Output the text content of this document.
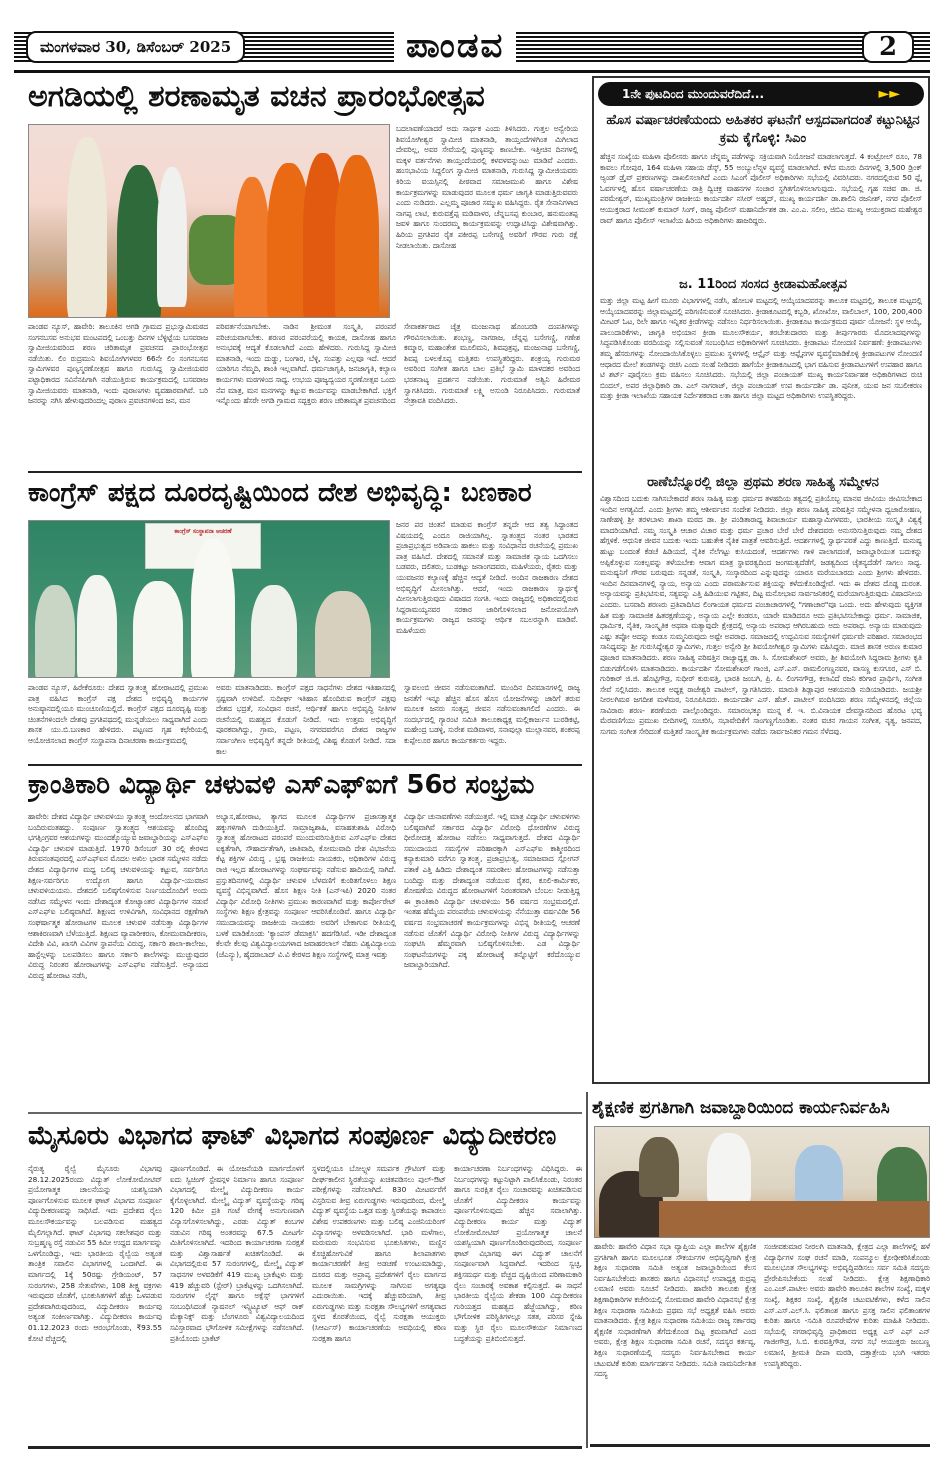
ಮಂಗಳವಾರ 30, ಡಿಸೆಂಬರ್ 2025	ಪಾಂಡವ	2
ಅಗಡಿಯಲ್ಲಿ ಶರಣಾಮೃತ ವಚನ ಪ್ರಾರಂಭೋತ್ಸವ
ಬದಲಾವಣೆಯಾದರೆ ಅದು ಸಾರ್ಥಕ ಎಂದು ತಿಳಿಸಿದರು. ಗುತ್ತಲ ಅನ್ವೇರಿಯ ಶಿವಯೋಗೀಶ್ವರ ಸ್ವಾಮೀಜಿ ಮಾತನಾಡಿ, ತಾಯ್ತಂದೆಗಳಿಗಿಂತ ಮಿಗಿಲಾದ ದೇವರಿಲ್ಲ, ಅವರ ಸೇವೆಯಲ್ಲಿ ಪುಣ್ಯವನ್ನು ಕಾಣಬೇಕು. ಇತ್ತೀಚಿನ ದಿನಗಳಲ್ಲಿ ಮಕ್ಕಳ ವರ್ತನೆಗಳು ತಾಯ್ತಂದೆಯರಲ್ಲಿ ಕಳವಳವನ್ನುಂಟು ಮಾಡಿವೆ ಎಂದರು. ಹಂಸಭಾವಿಯ ಸಿದ್ದಲಿಂಗ ಸ್ವಾಮೀಜಿ ಮಾತನಾಡಿ, ಗುರುಸಿದ್ದ ಸ್ವಾಮೀಜಿಯವರು ಕಿರಿಯ ವಯಸ್ಸಿನಲ್ಲಿ ಪೀಠವಾದ ಸಮಾಜಮುಖಿ ಹಾಗೂ ವಿಶೇಷ ಕಾರ್ಯಕ್ರಮಗಳನ್ನು ಮಾಡುವುದರ ಮೂಲಕ ಧರ್ಮ ಜಾಗೃತಿ ಮಾಡುತ್ತಿರುವವರು ಎಂದು ನುಡಿದರು. ಎಲ್ಲಮ್ಮ ಪೂಜಾರ ಸಮ್ಮುಖ ವಹಿಸಿದ್ದರು. ರೈತ ಸೇನಾನಿಗಳಾದ ನಾಗಪ್ಪ ಲಾಟಿ, ಕುರುವತ್ತೆಪ್ಪ ಮಡಿವಾಳರ, ಚೆನ್ನಬಸಪ್ಪ ಕುಂಬಾರ, ಹನುಮಂತಪ್ಪ ಜವಳಿ ಹಾಗೂ ಸುಂದರಮ್ಮ ಕಾರ್ಯಕ್ರಮವನ್ನು ಉದ್ಘಾಟಿಸಿದ್ದು ವಿಶೇಷವಾಗಿತ್ತು. ಹಿರಿಯ ಪ್ರಗತಿಪರ ರೈತ ಪಕೀರಪ್ಪ ಬಸೇಗಣ್ಣಿ ಅವರಿಗೆ ಗೌರವ ಗುರು ರಕ್ಷೆ ನೀಡಲಾಯಿತು. ದಾಸೋಹ
ಪಾಂಡವ ನ್ಯೂಸ್, ಹಾವೇರಿ: ತಾಲೂಕಿನ ಅಗಡಿ ಗ್ರಾಮದ ಪ್ರಭುಸ್ವಾಮಿಮಠದ ಸಂಗನಬಸವ ಅನುಭವ ಮಂಟಪದಲ್ಲಿ ಒಂಬತ್ತು ದಿನಗಳ ಬೆಳ್ಳಿಟ್ಟೆಯ ಬಸವರಾಜ ಸ್ವಾಮೀಜಿಯವರಿಂದ ಶರಣ ಚರಿತಾಮೃತ ಪ್ರವಚನದ ಪ್ರಾರಂಭೋತ್ಸವ ನಡೆಯಿತು. ಲಿಂ ರುದ್ರಮುನಿ ಶಿವಯೋಗಿಗಳವರ 66ನೇ ಲಿಂ ಸಂಗನಬಸವ ಸ್ವಾಮಿಗಳವರ ಪುಣ್ಯಸ್ಮರಣೋತ್ಸವ ಹಾಗೂ ಗುರುಸಿದ್ದ ಸ್ವಾಮೀಜಿಯವರ ಪಟ್ಟಾಧಿಕಾರದ ಸವಿನೆನಪಿಗಾಗಿ ನಡೆಯುತ್ತಿರುವ ಕಾರ್ಯಕ್ರಮದಲ್ಲಿ ಬಸವರಾಜ ಸ್ವಾಮೀಜಿಯವರು ಮಾತನಾಡಿ, ಇಂದು ಪುರಾಣಗಳು ವ್ಯವಹಾರವಾಗಿವೆ. ಬರಿ ಜನರನ್ನು ನಗಿಸಿ ಹೇಳುವುದರಿಂದಲ್ಲ ಪುರಾಣ ಪ್ರವಚನಗಳಿಂದ ಜನ, ಮನ
ಪರಿವರ್ತನೆಯಾಗಬೇಕು. ನಾಡಿನ ಶ್ರೀಮಂತ ಸಂಸ್ಕೃತಿ, ಪರಂಪರೆ ಪರಿಚಯವಾಗಬೇಕು. ಶರಣರ ಪರಂಪರೆಯಲ್ಲಿ ಕಾಯಕ, ದಾಸೋಹ ಹಾಗೂ ಅನುಭವಕ್ಕೆ ಆದ್ಯತೆ ಕೊಡಲಾಗಿದೆ ಎಂದು ಹೇಳಿದರು. ಗುರುಸಿದ್ದ ಸ್ವಾಮೀಜಿ ಮಾತನಾಡಿ, ಇಂದು ದುಡ್ಡು, ಬಂಗಾರ, ಬೆಳ್ಳಿ, ಸಂಪತ್ತು ಎಲ್ಲವೂ ಇದೆ. ಆದರೆ ಯಾರಿಗೂ ನೆಮ್ಮದಿ, ಶಾಂತಿ ಇಲ್ಲವಾಗಿದೆ. ಧರ್ಮಜಾಗೃತಿ, ಜನಜಾಗೃತಿ, ಕಲ್ಯಾಣ ಕಾರ್ಯಗಳು ಮಠಗಳಿಂದ ಸಾಧ್ಯ. ಉಭಯ ಪೂಜ್ಯದ್ವಯರ ಸ್ಮರಣೋತ್ಸವ ಒಂದು ನೆಪ ಮಾತ್ರ, ಮನ ಮನಗಳನ್ನು ಕಟ್ಟುವ ಕಾರ್ಯವನ್ನು ಮಾಡಬೇಕಾಗಿದೆ. ಭಕ್ತಿಗೆ ಇನ್ನೊಂದು ಹೆಸರೇ ಅಗಡಿ ಗ್ರಾಮದ ಸದ್ಭಕ್ತರು ಶರಣ ಚರಿತಾಮೃತ ಪ್ರವಚನದಿಂದ
ಸೇವಾಕರ್ತರಾದ ಚೈತ್ರ ಮಂಜುನಾಥ ಹೊಂಬರಡಿ ದಂಪತಿಗಳನ್ನು ಗೌರವಿಸಲಾಯಿತು. ಶಂಭಣ್ಣ, ನಾಗರಾಜ, ಚೆನ್ನಪ್ಪ ಬಸೇಗಣ್ಣಿ, ಗಣೇಶ ಕಮ್ಮಾರ, ಮಹಾಂತೇಶ ಮೂಲಿಮನಿ, ಶಿವಪುತ್ರಪ್ಪ, ಮಂಜುನಾಥ ಬಸೇಗಣ್ಣಿ, ಶಿವಪ್ಪ ಬಳಲಕೊಪ್ಪ ಮತ್ತಿತರು ಉಪಸ್ಥಿತರಿದ್ದರು. ಶಂಕ್ರಯ್ಯ ಗುರುಮಠ ಅವರಿಂದ ಸಂಗೀತ ಹಾಗೂ ಬಾಲ ಪ್ರತಿಭೆ ಸ್ವಾಮಿ ಮಾಳದಕರ ಅವರಿಂದ ಭರತನಾಟ್ಯ ಪ್ರದರ್ಶನ ನಡೆಯಿತು. ಗುರುಮಾತೆ ಅಶ್ವಿನಿ ಹಿರೇಮಠ ಸ್ವಾಗತಿಸಿದರು. ಗುರುಮಾತೆ ಲಕ್ಷ್ಮಿ ಅಸುಂಡಿ ನಿರೂಪಿಸಿದರು. ಗುರುಮಾತೆ ನೇತ್ರಾವತಿ ವಂದಿಸಿದರು.
ಕಾಂಗ್ರೆಸ್ ಪಕ್ಷದ ದೂರದೃಷ್ಟಿಯಿಂದ ದೇಶ ಅಭಿವೃದ್ಧಿ: ಬಣಕಾರ
ಕಾಂಗ್ರೆಸ್ ಸಂಸ್ಥಾಪನಾ ಆಚರಣೆ
ಜನರ ಪರ ಚಿಂತನೆ ಮಾಡುವ ಕಾಂಗ್ರೆಸ್ ತನ್ನದೇ ಆದ ತತ್ವ ಸಿದ್ಧಾಂತದ ವಿಷಯದಲ್ಲಿ ಎಂದೂ ರಾಜಿಯಾಗಿಲ್ಲ. ಸ್ವಾತಂತ್ರ್ಯದ ನಂತರ ಭಾರತದ ಪ್ರಜಾಪ್ರಭುತ್ವದ ಅಡಿಪಾಯ ಹಾಕಲು ಮತ್ತು ಸಂವಿಧಾನದ ರಚನೆಯಲ್ಲಿ ಪ್ರಮುಖ ಪಾತ್ರ ವಹಿಸಿದೆ. ದೇಶದಲ್ಲಿ ಸಮಾನತೆ ಮತ್ತು ಸಾಮಾಜಿಕ ನ್ಯಾಯ ಒದಗಿಸಲು ಬಡವರು, ದಲಿತರು, ಬುಡಕಟ್ಟು ಜನಾಂಗದವರು, ಮಹಿಳೆಯರು, ರೈತರು ಮತ್ತು ಯುವಜನರ ಕಲ್ಯಾಣಕ್ಕೆ ಹೆಚ್ಚಿನ ಆದ್ಯತೆ ನೀಡಿದೆ. ಅಂದಿನ ರಾಜಕಾರಣ ದೇಶದ ಅಭಿವೃದ್ಧಿಗೆ ಮೀಸಲಾಗಿತ್ತು. ಆದರೆ, ಇಂದು ರಾಜಕಾರಣ ಸ್ವಾರ್ಥಕ್ಕೆ ಮೀಸಲಾಗುತ್ತಿರುವುದು ವಿಷಾದದ ಸಂಗತಿ. ಇಂದು ರಾಜ್ಯದಲ್ಲಿ ಅಧಿಕಾರದಲ್ಲಿರುವ ಸಿದ್ದರಾಮಯ್ಯನವರ ಸರಕಾರ ಜಾರಿಗೊಳಿಸಲಾದ ಜನೋಪಯೋಗಿ ಕಾರ್ಯಕ್ರಮಗಳು ರಾಜ್ಯದ ಜನರನ್ನು ಆರ್ಥಿಕ ಸಬಲರನ್ನಾಗಿ ಮಾಡಿವೆ. ಮಹಿಳೆಯರು
ಪಾಂಡವ ನ್ಯೂಸ್, ಹಿರೇಕೆರೂರು: ದೇಶದ ಸ್ವಾತಂತ್ರ್ಯ ಹೋರಾಟದಲ್ಲಿ ಪ್ರಮುಖ ಪಾತ್ರ ವಹಿಸಿದ ಕಾಂಗ್ರೆಸ್ ಪಕ್ಷ ದೇಶದ ಅಭಿವೃದ್ಧಿ ಕಾರ್ಯಗಳ ಅನುಷ್ಠಾನದಲ್ಲಿಯೂ ಮುಂಚೂಣಿಯಲ್ಲಿದೆ. ಕಾಂಗ್ರೆಸ್ ಪಕ್ಷದ ದೂರದೃಷ್ಟಿ ಮತ್ತು ಚಿಂತನೆಗಳಿಂದಲೇ ದೇಶವು ಪ್ರಗತಿಪಥದಲ್ಲಿ ಮುನ್ನಡೆಯಲು ಸಾಧ್ಯವಾಗಿದೆ ಎಂದು ಶಾಸಕ ಯು.ಬಿ.ಬಣಕಾರ ಹೇಳಿದರು. ಪಟ್ಟಣದ ಗೃಹ ಕಛೇರಿಯಲ್ಲಿ ಆಯೋಜಿಸಲಾದ ಕಾಂಗ್ರೆಸ್ ಸಂಸ್ಥಾಪನಾ ದಿನಾಚರಣಾ ಕಾರ್ಯಕ್ರಮದಲ್ಲಿ
ಅವರು ಮಾತನಾಡಿದರು. ಕಾಂಗ್ರೆಸ್ ಪಕ್ಷದ ಸಾಧನೆಗಳು ದೇಶದ ಇತಿಹಾಸದಲ್ಲಿ ಸ್ಪಷ್ಟವಾಗಿ ಉಳಿದಿವೆ. ಸುದೀರ್ಘ ಇತಿಹಾಸ ಹೊಂದಿರುವ ಕಾಂಗ್ರೆಸ್ ಪಕ್ಷವು ದೇಶದ ಭದ್ರತೆ, ಸಂವಿಧಾನ ರಚನೆ, ಆರ್ಥಿಕತೆ ಹಾಗೂ ಅಭಿವೃದ್ಧಿ ನೀತಿಗಳ ರಚನೆಯಲ್ಲಿ ಮಹತ್ವದ ಕೊಡುಗೆ ನೀಡಿದೆ. ಇದು ಉತ್ತಮ ಅಭಿವೃದ್ಧಿಗೆ ಪೂರಕವಾಗಿದ್ದು, ಗ್ರಾಮ, ಪಟ್ಟಣ, ನಗರದವರೆಗೂ ದೇಶದ ರಾಜ್ಯಗಳ ಸರ್ವಾಂಗೀಣ ಅಭಿವೃದ್ಧಿಗೆ ತನ್ನದೇ ರೀತಿಯಲ್ಲಿ ವಿಶಿಷ್ಟ ಕೊಡುಗೆ ನೀಡಿದೆ. ಸದಾ ಕಾಲ
ಸ್ವಾವಲಂಬಿ ಜೀವನ ನಡೆಸುವಂತಾಗಿದೆ. ಮುಂದಿನ ದಿನಮಾನಗಳಲ್ಲಿ ರಾಜ್ಯ ಜನತೆಗೆ ಇನ್ನೂ ಹೆಚ್ಚಿನ ಹೊಸ ಹೊಸ ಯೋಜನೆಗಳನ್ನು ಜಾರಿಗೆ ತರುವ ಮೂಲಕ ಜನರು ಸಂತೃಪ್ತ ಜೀವನ ನಡೆಸುವಂತಾಗಲಿದೆ ಎಂದರು. ಈ ಸಂದರ್ಭದಲ್ಲಿ ಗ್ಯಾರಂಟಿ ಸಮಿತಿ ತಾಲೂಕಾಧ್ಯಕ್ಷ ಮಲ್ಲಿಕಾರ್ಜುನ ಬುರಡಿಕಟ್ಟಿ, ಮಹೇಂದ್ರ ಬಡಳ್ಳಿ, ಸುರೇಶ ಮಡಿವಾಳರ, ಸನಾವುಲ್ಲಾ ಮುಲ್ಲಾನವರ, ಶಂಕರಪ್ಪ ಕುಪ್ಪೇಲೂರ ಹಾಗೂ ಕಾರ್ಯಕರ್ತರು ಇದ್ದರು.
ಕ್ರಾಂತಿಕಾರಿ ವಿದ್ಯಾರ್ಥಿ ಚಳುವಳಿ ಎಸ್ಎಫ್ಐಗೆ 56ರ ಸಂಭ್ರಮ
ಹಾವೇರಿ: ದೇಶದ ವಿದ್ಯಾರ್ಥಿ ಚಳುವಳಿಯು ಸ್ವಾತಂತ್ರ್ಯ ಆಂದೋಲನದ ಭಾಗವಾಗಿ ಬಂದಿರುವಂತಹದ್ದು. ಸಂಪೂರ್ಣ ಸ್ವಾತಂತ್ರ್ಯದ ಆಶಯವನ್ನು ಹೊಂದಿದ್ದ ಭಗತ್ಸಿಂಗ್ರವರ ಆಶಯಗಳನ್ನು ಮುಂದಕ್ಕೊಯ್ಯುವ ಜವಾಬ್ದಾರಿಯನ್ನು ಎಸ್ಎಫ್ಐ ವಿದ್ಯಾರ್ಥಿ ಚಳುವಳಿ ಮಾಡುತ್ತಿದೆ. 1970 ಡಿಸೆಂಬರ್ 30 ರಲ್ಲಿ ಕೇರಳದ ತಿರುವನಂತಪುರದಲ್ಲಿ ಎಸ್ಎಫ್ಐನ ಮೊದಲ ಅಖಿಲ ಭಾರತ ಸಮ್ಮೇಳನ ನಡೆದು ದೇಶದ ವಿದ್ಯಾರ್ಥಿಗಳ ಮಧ್ಯ ಬಲಿಷ್ಠ ಚಳುವಳಿಯನ್ನು ಕಟ್ಟುವ, ಸರ್ವರಿಗೂ ಶಿಕ್ಷಣ-ಸರ್ವರಿಗೂ ಉದ್ಯೋಗ ಹಾಗೂ ವಿದ್ಯಾರ್ಥಿ-ಯುವಜನ ಚಳುವಳಿಯಯನು. ದೇಶದಲಿ ಬಲಿಷ್ಠಗೊಳಿಸುವ ನಿರ್ಣಯದೊಂದಿಗೆ ಅಂದು ನಡೆಸಿದ ಸಮ್ಮೇಳನ ಇಂದು ದೇಶಾದ್ಯಂತ ಕೋಟ್ಯಾಂತರ ವಿದ್ಯಾರ್ಥಿಗಳ ನಡುವೆ ಎಸ್ಎಫ್ಐ ಬಲಿಷ್ಠವಾಗಿದೆ. ಶಿಕ್ಷಣದ ಉಳಿವಿಗಾಗಿ, ಸಂವಿಧಾನದ ರಕ್ಷಣೆಗಾಗಿ ಸಂಘರ್ಷಾತ್ಮಕ ಹೋರಾಟಗಳ ಮೂಲಕ ಚಳುವಳಿ ನಡೆಸುತ್ತಾ ವಿದ್ಯಾರ್ಥಿಗಳ ಆಶಾಕಿರಣವಾಗಿ ಬೆಳೆಯುತ್ತಿದೆ. ಶಿಕ್ಷಣದ ವ್ಯಾಪಾರೀಕರಣ, ಕೋಮುವಾದೀಕರಣ, ವಿದೇಶಿ ವಿವಿ, ಖಾಸಗಿ ವಿವಿಗಳ ಸ್ಥಾಪನೆಯ ವಿರುದ್ಧ, ಸರ್ಕಾರಿ ಶಾಲಾ-ಕಾಲೇಜು, ಹಾಸ್ಟೆಲ್ಗಳನ್ನು ಬಲಪಡಿಸಲು ಹಾಗೂ ಸರ್ಕಾರಿ ಶಾಲೆಗಳನ್ನು ಮುಚ್ಚುವುದರ ವಿರುದ್ಧ ನಿರಂತರ ಹೋರಾಟಗಳನ್ನು ಎಸ್ಎಫ್ಐ ನಡೆಸುತ್ತಿದೆ. ಅನ್ಯಾಯದ ವಿರುದ್ಧ ಹೋರಾಟ ನಡೆಸಿ,
ಅಭ್ಯಾಸ,ಹೋರಾಟ, ತ್ಯಾಗದ ಮೂಲಕ ವಿದ್ಯಾರ್ಥಿಗಳ ಪ್ರಜಾಸತ್ತಾತ್ಮಕ ಹಕ್ಕುಗಳಿಗಾಗಿ ದುಡಿಯುತ್ತಿದೆ. ಸಾಮ್ರಾಜ್ಯಶಾಹಿ, ವಸಾಹತುಶಾಹಿ ವಿರೋಧಿ ಸ್ವಾತಂತ್ರ್ಯ ಹೋರಾಟದ ಪರಂಪರೆ ಮುಂದುವರಿಸುತ್ತಿರುವ ಎಸ್ಎಫ್ಐ ದೇಶದ ಐಕ್ಯತೆಗಾಗಿ, ಸೌಹಾರ್ದತೆಗಾಗಿ, ಜಾತಿವಾದಿ, ಕೋಮುವಾದಿ ದೇಶ ವಿಭಜನೆಯ ಕೆಟ್ಟ ಶಕ್ತಿಗಳ ವಿರುದ್ಧ , ಭ್ರಷ್ಟ ರಾಜಕೀಯ ನಾಯಕರು, ಅಧಿಕಾರಿಗಳ ವಿರುದ್ಧ ರಾಜಿ ಇಲ್ಲದ ಹೋರಾಟಗಳನ್ನು ಸಂಘರ್ಷವನ್ನು ನಡೆಸುವ ಹಾದಿಯಲ್ಲಿ ಸಾಗಿದೆ. ಪ್ರಸ್ತುತದಿನಗಳಲ್ಲಿ ವಿದ್ಯಾರ್ಥಿ ಚಳುವಳಿ ಬೆಳವಣಿಗೆ ಕುಂಠಿತಗೊಳಲು ಶಿಕ್ಷಣ ವ್ಯವಸ್ಥೆ ವಿಭಿನ್ನವಾಗಿದೆ. ಹೊಸ ಶಿಕ್ಷಣ ನೀತಿ (ಎನ್ಇಪಿ) 2020 ನಂತರ ವಿದ್ಯಾರ್ಥಿ ವಿರೋಧಿ ನೀತಿಗಳು ಪ್ರಮುಖ ಕಾರಣವಾಗಿವೆ ಮತ್ತು ಕಾರ್ಪೋರೇಟ್ ಸಂಸ್ಥೆಗಳು ಶಿಕ್ಷಣ ಕ್ಷೇತ್ರವನ್ನು ಸಂಪೂರ್ಣ ಆವರಿಸಿಕೊಂಡಿವೆ. ಹಾಗೂ ವಿದ್ಯಾರ್ಥಿ ಸಮುದಾಯವನ್ನು ರಾಜಕೀಯ ನಾಯಕರು ಅವರಿಗೆ ಬೇಕಾಗುವ ರೀತಿಯಲ್ಲಿ ಬಳಕೆ ಮಾಡಿಕೊಂಡು 'ಕ್ಯಾಂಪಸ್ ಡೆಮಾಕ್ರಸಿ' ಹದಗೆಡಿಸಿವೆ. ಇಡೀ ದೇಶಾದ್ಯಂತ ಕೆಲವೇ ಕೆಲವು ವಿಶ್ವವಿದ್ಯಾಲಯಗಳಾದ ಜವಾಹರಲಾಲ್ ನೆಹರು ವಿಶ್ವವಿದ್ಯಾಲಯ (ಜೆಎನ್ಯು), ಹೈದರಾಬಾದ್ ವಿ.ವಿ ಕೇರಳದ ಶಿಕ್ಷಣ ಸಂಸ್ಥೆಗಳಲ್ಲಿ ಮಾತ್ರ ಇವತ್ತು
ವಿದ್ಯಾರ್ಥಿ ಚುನಾವಣೆಗಳು ನಡೆಯುತ್ತವೆ. ಇಲ್ಲಿ ಮಾತ್ರ ವಿದ್ಯಾರ್ಥಿ ಚಳುವಳಿಗಳು ಬಲಿಷ್ಠವಾಗಿವೆ ಸರ್ಕಾರದ ವಿದ್ಯಾರ್ಥಿ ವಿರೋಧಿ ಧೋರಣೆಗಳ ವಿರುದ್ಧ ಧೀರೋದತ್ತ ಹೋರಾಟ ನಡೆಸಲು ಸಾಧ್ಯವಾಗುತ್ತದೆ. ದೇಶದ ವಿದ್ಯಾರ್ಥಿ ಸಮುದಾಯದ ಸಮಸ್ಯೆಗಳ ಪರಿಹಾರಕ್ಕಾಗಿ ಎಸ್ಎಫ್ಐ ಕಾಶ್ಮೀರದಿಂದ ಕನ್ಯಾಕುಮಾರಿ ವರೆಗೂ ಸ್ವಾತಂತ್ರ್ಯ, ಪ್ರಜಾಪ್ರಭುತ್ವ, ಸಮಾಜವಾದ ಸ್ಲೋಗನ್ ಪತಾಕೆ ಎತ್ತಿ ಹಿಡಿದು ದೇಶಾದ್ಯಂತ ಸಮರಶೀಲ ಹೋರಾಟಗಳನ್ನು ನಡೆಸುತ್ತಾ ಬಂದಿದ್ದು ಮತ್ತು ದೇಶಾದ್ಯಂತ ನಡೆಯುವ ರೈತರ, ಕೂಲಿ-ಕಾರ್ಮಿಕರ, ಶೋಷಣೆಯ ವಿರುದ್ಧದ ಹೋರಾಟಗಳಿಗೆ ನಿರಂತರವಾಗಿ ಬೆಂಬಲ ನೀಡುತ್ತಿದ್ದ ಈ ಕ್ರಾಂತಿಕಾರಿ ವಿದ್ಯಾರ್ಥಿ ಚಳುವಳಿಯು 56 ವರ್ಷದ ಸಂಭ್ರಮದಲ್ಲಿದೆ. ಇಂತಹ ಹೆಮ್ಮೆಯ ಪರಂಪರೆಯ ಚಳುವಳಿಯನ್ನು ನೆನೆಯುತ್ತಾ ವರ್ಷವಿಡೀ 56 ವರ್ಷದ ಸಂಭ್ರಮಾಚರಣೆ ಕಾರ್ಯಕ್ರಮಗಳನ್ನು ವಿಭಿನ್ನ ರೀತಿಯಲ್ಲಿ ಆಚರಣೆ ನಡೆಸುವ ಜೊತೆಗೆ ವಿದ್ಯಾರ್ಥಿ ವಿರೋಧಿ ನೀತಿಗಳ ವಿರುದ್ಧ ವಿದ್ಯಾರ್ಥಿಗಳನ್ನು ಸಂಘಟಿಸಿ ಹೆಮ್ಮರವಾಗಿ ಬಲಿಷ್ಠಗೊಳಿಸಬೇಕು. ಎಡ ವಿದ್ಯಾರ್ಥಿ ಸಂಘಟನೆಯಗಳನ್ನು ಪಕ್ಕ ಹೋರಾಟಕ್ಕೆ ತನ್ನೊಟ್ಟಿಗೆ ಕರೆದೊಯ್ಯುವ ಜವಾಬ್ದಾರಿಯಾಗಿದೆ.
ಮೈಸೂರು ವಿಭಾಗದ ಘಾಟ್ ವಿಭಾಗದ ಸಂಪೂರ್ಣ ವಿದ್ಯುದೀಕರಣ
ನೈರುತ್ಯ ರೈಲ್ವೆ ಮೈಸೂರು ವಿಭಾಗವು 28.12.2025ರಂದು ವಿದ್ಯುತ್ ಲೋಕೋಮೋಟಿವ್ ಪ್ರಯೋಗಾತ್ಮಕ ಚಾಲನೆಯನ್ನು ಯಶಸ್ವಿಯಾಗಿ ಪೂರ್ಣಗೊಳಿಸುವ ಮೂಲಕ ಘಾಟ್ ವಿಭಾಗದ ಸಂಪೂರ್ಣ ವಿದ್ಯುದೀಕರಣವನ್ನು ಸಾಧಿಸಿದೆ. ಇದು ಪ್ರದೇಶದ ರೈಲು ಮೂಲಸೌಕರ್ಯವನ್ನು ಬಲಪಡಿಸುವ ಮಹತ್ವದ ಮೈಲಿಗಲ್ಲಾಗಿದೆ. ಘಾಟ್ ವಿಭಾಗವು ಸಕಲೇಶಪುರ ಮತ್ತು ಸುಬ್ರಹ್ಮಣ್ಯ ರಸ್ತೆ ನಡುವಿನ 55 ಕಿಮೀ ಉದ್ದದ ಮಾರ್ಗವನ್ನು ಒಳಗೊಂಡಿದ್ದು, ಇದು ಭಾರತೀಯ ರೈಲ್ವೆಯ ಅತ್ಯಂತ ತಾಂತ್ರಿಕ ಸವಾಲಿನ ವಿಭಾಗಗಳಲ್ಲಿ ಒಂದಾಗಿದೆ. ಈ ಮಾರ್ಗದಲ್ಲಿ 1ಕ್ಕೆ 50ರಷ್ಟು ಗ್ರೇಡಿಯಂಟ್, 57 ಸುರಂಗಗಳು, 258 ಸೇತುವೆಗಳು, 108 ತೀಕ್ಷ್ಣ ವಕ್ರಗಳು ಇರುವುದರ ಜೊತೆಗೆ, ಭೂಕುಸಿತಗಳಿಗೆ ಹೆಚ್ಚು ಒಳಪಡುವ ಪ್ರದೇಶವಾಗಿರುವುದರಿಂದ, ವಿದ್ಯುದೀಕರಣ ಕಾರ್ಯವು ಅತ್ಯಂತ ಸಂಕೀರ್ಣವಾಗಿತ್ತು. ವಿದ್ಯುದೀಕರಣ ಕಾರ್ಯವು 01.12.2023 ರಂದು ಆರಂಭಗೊಂಡು, ₹93.55 ಕೋಟಿ ವೆಚ್ಚದಲ್ಲಿ
ಪೂರ್ಣಗೊಂಡಿದೆ. ಈ ಯೋಜನೆಯಡಿ ಮಾರ್ಗದೊಳಗೆ ಐದು ಸ್ವಿಚಿಂಗ್ ಸ್ಟೇಷನ್ಗಳ ನಿರ್ಮಾಣ ಹಾಗೂ ಸಂಪೂರ್ಣ ವಿಭಾಗದಲ್ಲಿ ಮೇಲ್ಮೈ ವಿದ್ಯುದೀಕರಣ ಕಾರ್ಯ ಕೈಗೊಳ್ಳಲಾಗಿದೆ. ಮೇಲ್ಮೈ ವಿದ್ಯುತ್ ವ್ಯವಸ್ಥೆಯನ್ನು ಗರಿಷ್ಠ 120 ಕಿಮೀ ಪ್ರತಿ ಗಂಟೆ ವೇಗಕ್ಕೆ ಅನುಗುಣವಾಗಿ ವಿನ್ಯಾಸಗೊಳಿಸಲಾಗಿದ್ದು, ಎರಡು ವಿದ್ಯುತ್ ಕಂಬಗಳ ನಡುವಿನ ಗರಿಷ್ಠ ಅಂತರವನ್ನು 67.5 ಮೀಟರ್ಗೆ ಮಿತಿಗೊಳಿಸಲಾಗಿದೆ. ಇದರಿಂದ ಕಾರ್ಯಾಚರಣಾ ಸುರಕ್ಷತೆ ಮತ್ತು ವಿಶ್ವಾಸಾರ್ಹತೆ ಖಚಿತಗೊಂಡಿದೆ. ಈ ವಿಭಾಗದಲ್ಲಿರುವ 57 ಸುರಂಗಗಳಲ್ಲಿ, ಮೇಲ್ಮೈ ವಿದ್ಯುತ್ ಸಾಧನಗಳ ಅಳವಡಿಕೆಗೆ 419 ಮುಖ್ಯ ಬ್ರಾಕೆಟ್ಗಳು ಮತ್ತು 419 ಹೆಚ್ಚುವರಿ (ಸ್ಟೇರ್) ಬ್ರಾಕೆಟ್ಗಳನ್ನು ಒದಗಿಸಲಾಗಿದೆ. ಸುರಂಗಗಳ ಲೈನ್ನ್ ಹಾಗೂ ಅಕ್ಸೆಸ್ಸ್ ಭಾಗಗಳಿಗೆ ಸಂಬಂಧಿಸಿದಂತೆ ನ್ಯಾಷನಲ್ ಇನ್ಸ್ಟಿಟ್ಯೂಟ್ ಆಫ್ ರಾಕ್ ಮೆಕ್ಯಾನಿಕ್ಸ್ ಮತ್ತು ಬೆಂಗಳೂರು ವಿಶ್ವವಿದ್ಯಾಲಯದಿಂದ ಸವಿಸ್ತಾರವಾದ ಭೌಗೋಳಿಕ ಸಮೀಕ್ಷೆಗಳನ್ನು ನಡೆಸಲಾಗಿದೆ. ಪ್ರತಿಯೊಂದು ಬ್ರಾಕೆಟ್
ಸ್ಥಳದಲ್ಲಿಯೂ ಬೋಲ್ಟ್ಗಳ ಸಮರ್ಪಕ ಗ್ರೌಟಿಂಗ್ ಮತ್ತು ದೀರ್ಘಕಾಲೀನ ಸ್ಥಿರತೆಯನ್ನು ಖಚಿತಪಡಿಸಲು ಪುಲ್-ಔಟ್ ಪರೀಕ್ಷೆಗಳನ್ನು ನಡೆಸಲಾಗಿದೆ. 830 ಮೀಟರ್ವರೆಗೆ ವಿಸ್ತರಿಸುವ ತೀವ್ರ ಏರುಗುಡ್ಡಗಳು ಇರುವುದರಿಂದ, ಮೇಲ್ಮೈ ವಿದ್ಯುತ್ ವ್ಯವಸ್ಥೆಯ ಒತ್ತಡ ಮತ್ತು ಸ್ಥಿರತೆಯನ್ನು ಕಾಪಾಡಲು ವಿಶೇಷ ಉಪಕರಣಗಳು ಮತ್ತು ಬಲಿಷ್ಠ ಎಂಜಿನಿಯರಿಂಗ್ ವಿನ್ಯಾಸಗಳನ್ನು ಅಳವಡಿಸಲಾಗಿದೆ. ಭಾರಿ ಮಳೆಗಾಲ, ಮರುಮರು ಸಂಭವಿಸುವ ಭೂಕುಸಿತಗಳು, ಮಣ್ಣಿನ ಕೊಚ್ಚಿಹೋಗುವಿಕೆ ಹಾಗೂ ಶಿಲಾಪಾತಗಳು ಕಾರ್ಯಾಚರಣೆಗೆ ತೀವ್ರ ಅಡಚಣೆ ಉಂಟುಮಾಡಿದ್ದು, ದೂರದ ಮತ್ತು ಅಪ್ರಾಪ್ಯ ಪ್ರದೇಶಗಳಿಗೆ ರೈಲು ಮಾರ್ಗದ ಮೂಲಕ ಸಾಮಗ್ರಿಗಳನ್ನು ಸಾಗಿಸುವ ಅಗತ್ಯವೂ ಎದುರಾಯಿತು. ಇದಕ್ಕೆ ಹೆಚ್ಚುವರಿಯಾಗಿ, ತೀವ್ರ ಏರುಗುಡ್ಡಗಳು ಮತ್ತು ಸುರಕ್ಷತಾ ಸೌಲಭ್ಯಗಳಿಗೆ ಅಗತ್ಯವಾದ ಸ್ಥಳದ ಕೊರತೆಯಿಂದ, ರೈಲ್ವೆ ಸುರಕ್ಷತಾ ಆಯುಕ್ತರು (ಸಿಆರ್ಎಸ್) ಕಾರ್ಯಾಚರಣೆಯ ಅವಧಿಯಲ್ಲಿ ಕಠಿಣ ಸುರಕ್ಷತಾ ಹಾಗೂ
ಕಾರ್ಯಾಚರಣಾ ನಿರ್ಬಂಧಗಳನ್ನು ವಿಧಿಸಿದ್ದರು. ಈ ನಿರ್ಬಂಧಗಳನ್ನು ಕಟ್ಟುನಿಟ್ಟಾಗಿ ಪಾಲಿಸಿಕೊಂಡು, ನಿರಂತರ ಹಾಗೂ ಸುರಕ್ಷಿತ ರೈಲು ಸಂಚಾರವನ್ನು ಖಚಿತಪಡಿಸುವ ಜೊತೆಗೆ ವಿದ್ಯುದೀಕರಣ ಕಾರ್ಯವನ್ನು ಪೂರ್ಣಗೊಳಿಸುವುದು ಹೆಚ್ಚಿನ ಸವಾಲಾಗಿತ್ತು. ವಿದ್ಯುದೀಕರಣ ಕಾರ್ಯ ಮತ್ತು ವಿದ್ಯುತ್ ಲೋಕೋಮೋಟಿವ್ ಪ್ರಯೋಗಾತ್ಮಕ ಚಾಲನೆ ಯಶಸ್ವಿಯಾಗಿ ಪೂರ್ಣಗೊಂಡಿರುವುದರಿಂದ, ಸಂಪೂರ್ಣ ಘಾಟ್ ವಿಭಾಗವು ಈಗ ವಿದ್ಯುತ್ ಚಾಲನೆಗೆ ಸಂಪೂರ್ಣವಾಗಿ ಸಿದ್ಧವಾಗಿದೆ. ಇದರಿಂದ ಸ್ವಚ್ಛ, ಶಕ್ತಿಸಮರ್ಥ ಮತ್ತು ವೆಚ್ಚದ ದೃಷ್ಟಿಯಿಂದ ಪರಿಣಾಮಕಾರಿ ರೈಲು ಸಂಚಾರಕ್ಕೆ ಅವಕಾಶ ಕಲ್ಪಿಸುತ್ತದೆ. ಈ ಸಾಧನೆ ಭಾರತೀಯ ರೈಲ್ವೆಯ ಶೇಕಡಾ 100 ವಿದ್ಯುದೀಕರಣ ಗುರಿಯತ್ತದ ಮಹತ್ವದ ಹೆಜ್ಜೆಯಾಗಿದ್ದು, ಕಠಿಣ ಭೌಗೋಳಿಕ ಪರಿಸ್ಥಿತಿಗಳಲ್ಲೂ ಸತತ, ಪರಿಸರ ಸ್ನೇಹಿ ಮತ್ತು ಸ್ಥಿರ ರೈಲು ಮೂಲಸೌಕರ್ಯ ನಿರ್ಮಾಣದ ಬದ್ಧತೆಯನ್ನು ಪ್ರತಿಬಿಂಬಿಸುತ್ತದೆ.
1ನೇ ಪುಟದಿಂದ ಮುಂದುವರೆದಿದೆ...	►►
ಹೊಸ ವರ್ಷಾಚರಣೆಯಂದು ಅಹಿತಕರ ಘಟನೆಗೆ ಆಸ್ಪದವಾಗದಂತೆ ಕಟ್ಟುನಿಟ್ಟಿನ ಕ್ರಮ ಕೈಗೊಳ್ಳಿ: ಸಿಎಂ
ಹೆಚ್ಚಿನ ಸಂಖ್ಯೆಯ ಮಹಿಳಾ ಪೊಲೀಸರು ಹಾಗೂ ಚೆನ್ನಮ್ಮ ಪಡೆಗಳನ್ನು ಸಕ್ರಿಯವಾಗಿ ನಿಯೋಜನೆ ಮಾಡಲಾಗುತ್ತದೆ. 4 ಕಂಟ್ರೋಲ್ ರೂಂ, 78 ಕಾವಲು ಗೋಪುರ, 164 ಮಹಿಳಾ ಸಹಾಯ ಡೆಸ್ಕ್, 55 ಅಂಬ್ಯುಲೆನ್ಸ್ಗಳ ವ್ಯವಸ್ಥೆ ಮಾಡಲಾಗಿದೆ. ಕಳೆದ ಮೂರು ದಿನಗಳಲ್ಲಿ 3,500 ಡ್ರಿಂಕ್ ಅ್ಯಂಡ್ ಡ್ರೈವ್ ಪ್ರಕರಣಗಳನ್ನು ದಾಖಲಿಸಲಾಗಿದೆ ಎಂದು ಸಿಎಂಗೆ ಪೊಲೀಸ್ ಅಧಿಕಾರಿಗಳು ಸಭೆಯಲ್ಲಿ ವಿವರಿಸಿದರು. ನಗರದಲ್ಲಿರುವ 50 ಫ್ಲೈ ಓವರ್ಗಳಲ್ಲಿ ಹೊಸ ವರ್ಷಾಚರಣೆಯ ರಾತ್ರಿ ದ್ವಿಚಕ್ರ ವಾಹನಗಳ ಸಂಚಾರ ಸ್ಥಗಿತಗೊಳಿಸಲಾಗುವುದು. ಸಭೆಯಲ್ಲಿ ಗೃಹ ಸಚಿವ ಡಾ. ಜಿ. ಪರಮೇಶ್ವರ್, ಮುಖ್ಯಮಂತ್ರಿಗಳ ರಾಜಕೀಯ ಕಾರ್ಯದರ್ಶಿ ನಸೀರ್ ಅಹ್ಮದ್, ಮುಖ್ಯ ಕಾರ್ಯದರ್ಶಿ ಡಾ.ಶಾಲಿನಿ ರಜನೀಶ್, ನಗರ ಪೊಲೀಸ್ ಆಯುಕ್ತರಾದ ಸೀಮಂತ್ ಕುಮಾರ್ ಸಿಂಗ್, ರಾಜ್ಯ ಪೊಲೀಸ್ ಮಹಾನಿರ್ದೇಶಕ ಡಾ. ಎಂ.ಎ. ಸಲೀಂ, ಜಿಬಿಎ ಮುಖ್ಯ ಆಯುಕ್ತರಾದ ಮಹೇಶ್ವರ ರಾವ್ ಹಾಗೂ ಪೊಲೀಸ್ ಇಲಾಖೆಯ ಹಿರಿಯ ಅಧಿಕಾರಿಗಳು ಹಾಜರಿದ್ದರು.
ಜ. 11ರಿಂದ ಸಂಸದ ಕ್ರೀಡಾಮಹೋತ್ಸವ
ಮತ್ತು ಜಿಲ್ಲಾ ಮಟ್ಟ ಹೀಗೆ ಮೂರು ವಿಭಾಗಗಳಲ್ಲಿ ನಡೆಸಿ, ಹೋಬಳಿ ಮಟ್ಟದಲ್ಲಿ ಆಯ್ಕೆಯಾದವರನ್ನು ತಾಲೂಕ ಮಟ್ಟದಲ್ಲಿ, ತಾಲೂಕ ಮಟ್ಟದಲ್ಲಿ ಆಯ್ಕೆಯಾದವರನ್ನು ಜಿಲ್ಲಾಮಟ್ಟದಲ್ಲಿ ಪರಿಗಣಿಸುವಂತೆ ಸೂಚಿಸಿದರು. ಕ್ರೀಡಾಕೂಟದಲ್ಲಿ ಕಬ್ಬಡಿ, ಖೋಖೋ, ವಾಲಿಬಾಲ್, 100, 200,400 ಮೀಟರ್ ಓಟ, ರಿಲೇ ಹಾಗೂ ಇನ್ನಿತರ ಕ್ರೀಡೆಗಳನ್ನು ನಡೆಸಲು ನಿರ್ಧರಿಸಲಾಯಿತು. ಕ್ರೀಡಾಕೂಟ ಕಾರ್ಯಕ್ರಮದ ಪೂರ್ವ ಯೋಜನೆ: ಸ್ಥಳ ಆಯ್ಕೆ, ಪಾಲುದಾರಿಕೆಗಳು, ಜಾಗೃತಿ ಅಭಿಯಾನ ಕ್ರೀಡಾ ಮೂಲಸೌಕರ್ಯ, ತರಬೇತುದಾರರು ಮತ್ತು ತೀರ್ಪುಗಾರರು ಮೊದಲಾದವುಗಳನ್ನು ಸಿದ್ಧಪಡಿಸಿಕೊಂಡು ವರದಿಯನ್ನು ಸಲ್ಲಿಸುವಂತೆ ಸಂಬಂಧಿಸಿದ ಅಧಿಕಾರಿಗಳಿಗೆ ಸೂಚಿಸಿದರು. ಕ್ರೀಡಾಪಟು ನೋಂದಣಿ ನಿರ್ವಹಣೆ: ಕ್ರೀಡಾಪಟುಗಳು ತಮ್ಮ ಹೆಸರುಗಳನ್ನು ನೋಂದಾಯಿಸಿಕೊಳ್ಳಲು ಪ್ರಮುಖ ಸ್ಥಳಗಳಲ್ಲಿ ಆನ್ಲೈನ್ ಮತ್ತು ಆಫ್ಲೈನಗಳ ವ್ಯವಸ್ಥೆಮಾಡಿಕೊಳ್ಳಿ ಕ್ರೀಡಾಪಟುಗಳ ನೋಂದಣಿ ಆಧಾರದ ಮೇಲೆ ತಂಡಗಳನ್ನು ರಚಿಸಿ ಎಂದು ಸಲಹೆ ನೀಡಿದರು ಹಾಗೆಯೇ ಕ್ರೀಡಾಕೂಟದಲ್ಲಿ ಭಾಗ ವಹಿಸುವ ಕ್ರೀಡಾಪಟುಗಳಿಗೆ ಉಪಹಾರ ಹಾಗೂ ಟಿ ಶರ್ಟ್ ಪೂರೈಸಲು ಕ್ರಮ ವಹಿಸಲು ಸೂಚಿಸಿದರು. ಸಭೆಯಲ್ಲಿ ಜಿಲ್ಲಾ ಪಂಚಾಯತ್ ಮುಖ್ಯ ಕಾರ್ಯನಿರ್ವಾಹಕ ಅಧಿಕಾರಿಗಳಾದ ರುಚಿ ಬಿಂದಲ್, ಅಪರ ಜಿಲ್ಲಾಧಿಕಾರಿ ಡಾ. ಎಲ್ ನಾಗರಾಜ್, ಜಿಲ್ಲಾ ಪಂಚಾಯತ್ ಉಪ ಕಾರ್ಯದರ್ಶಿ ಡಾ. ಪುನೀತ, ಯುವ ಜನ ಸಬಲೀಕರಣ ಮತ್ತು ಕ್ರೀಡಾ ಇಲಾಖೆಯ ಸಹಾಯಕ ನಿರ್ದೇಶಕರಾದ ಲತಾ ಹಾಗೂ ಜಿಲ್ಲಾ ಮಟ್ಟದ ಅಧಿಕಾರಿಗಳು ಉಪಸ್ಥಿತರಿದ್ದರು.
ರಾಣೆಬೆನ್ನೂರಲ್ಲಿ ಜಿಲ್ಲಾ ಪ್ರಥಮ ಶರಣ ಸಾಹಿತ್ಯ ಸಮ್ಮೇಳನ
ವಿಶ್ವಾಸದಿಂದ ಬದುಕು ಸಾಗಿಸಬೇಕಾದರೆ ಶರಣ ಸಾಹಿತ್ಯ ಮತ್ತು ಧರ್ಮದ ತಳಹದಿಯ ತತ್ವದಲ್ಲಿ ಪ್ರತಿಯೊಬ್ಬ ಮಾನವ ಜೀವಿಯು ಜೀವಿಸಬೇಕಾದ ಇಂದಿನ ಅಗತ್ಯವಿದೆ. ಎಂದು ಶ್ರೀಗಳು ತಮ್ಮ ಆಶೀರ್ವಚನ ಸಂದೇಶ ನೀಡಿದರು. ಜಿಲ್ಲಾ ಶರಣ ಸಾಹಿತ್ಯ ಪರಿಷತ್ತಿನ ಸಮ್ಮೇಳನಾ ಧ್ವಜಾರೋಹಣ, ಸಾಣೇಹಳ್ಳಿ ಶ್ರೀ ತರಳಬಾಳು ಶಾಖಾ ಮಠದ ಡಾ. ಶ್ರೀ ಪಂಡಿತಾರಾಧ್ಯ ಶಿವಾಚಾರ್ಯ ಮಹಾಸ್ವಾಮಿಗಳವರು, ಭಾರತೀಯ ಸಂಸ್ಕೃತಿ ವಿಶ್ವಕ್ಕೆ ಮಾದರಿಯಾಗಿದೆ. ನಮ್ಮ ಸಂಸ್ಕೃತಿ ಆಚಾರ ವಿಚಾರ ಮತ್ತು ಧರ್ಮ ಪ್ರಚಾರ ಬೇರೆ ಬೇರೆ ದೇಶದವರು ಅನುಸರಿಸುತ್ತಿರುವುದು ನಮ್ಮ ದೇಶದ ಹೆಗ್ಗಳಿಕೆ. ಆಧುನಿಕ ಜೀವನ ಬದುಕು ಇಂದು ಬಹುತೇಕ ನೈತಿಕ ಪಾತ್ರತೆ ಆವರಿಸುತ್ತಿದೆ. ಆದರ್ಶಗಳಲ್ಲಿ ಸ್ವಾರ್ಥಪರತೆ ಎದ್ದು ಕಾಣುತ್ತಿದೆ. ಮನುಷ್ಯ ಹುಟ್ಟು ಬಂದಂತೆ ಕೆಡಚೆ ಹಿಡಿಯದೆ, ನೈತಿಕ ನೆಲೆಗಟ್ಟು ಕುಸಿಯದಂತೆ, ಆದರ್ಶಗಳು ಗಾಳಿ ಪಾಲಾಗದಂತೆ, ಜವಾಬ್ದಾರಿಯುತ ಬದುಕನ್ನು ಅಪ್ಪಿಕೊಳ್ಳುವ ಸಂಕಲ್ಪವನ್ನು ತಳೆಯಬೇಕು ಆವಾಗ ಮಾತ್ರ ಸ್ಥಾವರತ್ವದಿಂದ ಜಂಗಮತ್ವದೆಡೆಗೆ, ಜಡತ್ವದಿಂದ ಚೈತನ್ಯದೆಡೆಗೆ ಸಾಗಲು ಸಾಧ್ಯ. ಮನುಷ್ಯನಿಗೆ ಗೌರವ ಬರುವುದು ಸನ್ನಡತೆ, ಸಂಸ್ಕೃತಿ, ಸಂಸ್ಕಾರದಿಂದ ಎನ್ನುವುದನ್ನು ಯಾರೂ ಮರೆಯಬಾರದು ಎಂದು ಶ್ರೀಗಳು ಹೇಳಿದರು. ಇಂದಿನ ದಿನಮಾನಗಳಲ್ಲಿ ನ್ಯಾಯ, ಅನ್ಯಾಯ ಎಂದು ಪರಾಮರ್ಶಿಸುವ ಶಕ್ತಿಯನ್ನು ಕಳೆದುಕೊಂಡಿದ್ದೇವೆ. ಇದು ಈ ದೇಶದ ದೊಡ್ಡ ದುರಂತ. ಅನ್ಯಾಯವನ್ನು ಪ್ರತಿಭಟಿಸುವ, ಸತ್ಯವನ್ನು ಎತ್ತಿ ಹಿಡಿಯುವ ಗಟ್ಟಿತನ, ದಿಟ್ಟ ಮನೋಭಾವ ಸಾರ್ವಜನಿಕರಲ್ಲಿ ಮರೆಯಾಗುತ್ತಿರುವುದು ವಿಷಾದನೀಯ ಎಂದರು. ಬಸವಾದಿ ಶರಣರು ಪ್ರತಿಪಾದಿಸಿದ ಲಿಂಗಾಯತ ಧರ್ಮದ ಪಂಚಾಚಾರಗಳಲ್ಲಿ "ಗಣಾಚಾರ"ವೂ ಒಂದು. ಅದು ಹೇಳುವುದು ವ್ಯಕ್ತಿಗತ ಹಿತ ಮತ್ತು ಸಾಮಾಜಿಕ ಹಿತರಕ್ಷಣೆಯನ್ನು, ಅನ್ಯಾಯ ಎಲ್ಲೇ ಕಂಡರೂ, ಯಾರೇ ಮಾಡಿದರೂ ಅದು ಪ್ರತಿಭಟಿಸಬೇಕಾದ್ದು ಧರ್ಮ. ಸಾಮಾಜಿಕ, ಧಾರ್ಮಿಕ, ನೈತಿಕ, ಸಾಂಸ್ಕೃತಿಕ ಅಥವಾ ಮತ್ಯಾವುದೇ ಕ್ಷೇತ್ರದಲ್ಲಿ ಅನ್ಯಾಯ ಅಪರಾಧ ಆಗಿರಬಹುದು ಅದು ಅಪರಾಧ. ಅನ್ಯಾಯ ಮಾಡುವುದು ಎಷ್ಟು ತಪ್ಪೋ ಅದನ್ನು ಕಂಡೂ ಸುಮ್ಮನಿರುವುದು ಅಷ್ಟೇ ಅಪರಾಧ. ಸಮಾಜದಲ್ಲಿ ಉದ್ಭವಿಸುವ ಸಮಸ್ಯೆಗಳಿಗೆ ಧರ್ಮವೇ ಪರಿಹಾರ. ಸಮಾರಂಭದ ಸಾನಿಧ್ಯವನ್ನು ಶ್ರೀ ಗುರುಸಿದ್ದೇಶ್ವರ ಸ್ವಾಮಿಗಳು, ಗುತ್ತಲ ಅನ್ವೇರಿ ಶ್ರೀ ಶಿವಯೋಗೀಶ್ವರ ಸ್ವಾಮಿಗಳು ವಹಿಸಿದ್ದರು. ಮಾಜಿ ಶಾಸಕ ಅರುಣ ಕುಮಾರ ಪೂಜಾರ ಮಾತನಾಡಿದರು. ಶರಣ ಸಾಹಿತ್ಯ ಪರಿಷತ್ತಿನ ರಾಜ್ಯಾಧ್ಯಕ್ಷ ಡಾ. ಸಿ. ಸೋಮಶೇಖರ್ ಅವರು, ಶ್ರೀ ಶಿವಯೋಗಿ ಸಿದ್ದರಾಮ ಶ್ರೀಗಳು ಕೃತಿ ಬಿಡುಗಡೆಗೊಳಿಸಿ ಮಾತನಾಡಿದರು. ಕಾರ್ಯದರ್ಶಿ ಸೋಮಶೇಖರ್ ಗಾಂಜಿ, ಎಸ್.ಎಸ್. ರಾಮಲಿಂಗಣ್ಣನವರ, ವಾಸಣ್ಣ ಕುಸಗೂರ, ಎಸ್ ಬಿ. ಗುರಿಕಾರ್ ಜಿ.ಜಿ. ಹೊಟ್ಟಿಗೌಡ್ರ, ಸುಧೀರ್ ಕುರುವತ್ತಿ, ಭಾರತಿ ಜಂಬಗಿ, ಪ್ರಿ. ಪಿ. ಲಿಂಗನಗೌಡ್ರ, ಕಲಾವಿದೆ ರಜನಿ ಕರಿಗಾರ ಪ್ರಾರ್ಥಿಸಿ, ಸಂಗೀತ ಸೇವೆ ಸಲ್ಲಿಸಿದರು. ತಾಲೂಕ ಅಧ್ಯಕ್ಷ ರಾಜೇಶ್ವರಿ ಪಾಟೀಲ್, ಸ್ವಾಗತಿಸಿದರು. ಮಾರುತಿ ಶಿಡ್ಲಾಪುರ ಆಶಯನುಡಿ ನುಡಿಯಾಡಿದರು. ಜಯಶ್ರೀ ನೀರಲಗಿಮಠ ಜಗದೀಶ ಮಳೆಮಠ, ನಿರೂಪಿಸಿದರು. ಕಾರ್ಯದರ್ಶಿ ಎಸ್. ಹೆಚ್. ಪಾಟೀಲ್ ವಂದಿಸಿದರು ಶರಣ ಸಮ್ಮೇಳನದಲ್ಲಿ ಜಿಲ್ಲೆಯ ಸಾವಿರಾರು ಶರಣ- ಶರಣೆಯರು ಪಾಲ್ಗೊಂಡಿದ್ದರು. ಸಮಾರಂಭಕ್ಕೂ ಮುನ್ನ ಕೆ. ಇ. ಬಿ.ವಿನಾಯಕ ದೇವಸ್ಥಾನದಿಂದ ಹೊರಟ ಭವ್ಯ ಮೆರವಣಿಗೆಯು ಪ್ರಮುಖ ಬೀದಿಗಳಲ್ಲಿ ಸಂಚರಿಸಿ, ಸಭಾವೇದಿಕೆಗೆ ಸಾಂಗಣ್ಣಗೊಂಡಿತು. ನಂತರ ವಚನ ಗಾಯನ ಸಂಗೀತ, ನೃತ್ಯ, ಜನಪದ, ಸುಗಮ ಸಂಗೀತ ಸೇರಿದಂತೆ ಮತ್ತಿತರೆ ಸಾಂಸ್ಕೃತಿಕ ಕಾರ್ಯಕ್ರಮಗಳು ನಡೆದು ಸಾರ್ವಜನಿಕರ ಗಮನ ಸೆಳೆದವು.
ಶೈಕ್ಷಣಿಕ ಪ್ರಗತಿಗಾಗಿ ಜವಾಬ್ದಾರಿಯಿಂದ ಕಾರ್ಯನಿರ್ವಹಿಸಿ
ಹಾವೇರಿ: ಹಾವೇರಿ ವಿಧಾನ ಸಭಾ ವ್ಯಾಪ್ತಿಯ ಎಲ್ಲಾ ಶಾಲೆಗಳ ಶೈಕ್ಷಣಿಕ ಪ್ರಗತಿಗಾಗಿ ಹಾಗೂ ಮೂಲಭೂತ ಸೌಕರ್ಯಗಳ ಅಭಿವೃದ್ಧಿಗಾಗಿ ಕ್ಷೇತ್ರ ಶಿಕ್ಷಣ ಸುಧಾರಣಾ ಸಮಿತಿ ಅತ್ಯಂತ ಜವಾಬ್ದಾರಿಯಿಂದ ಕೆಲಸ ನಿರ್ವಹಿಸಬೇಕೆಂದು ಶಾಸಕರು ಹಾಗೂ ವಿಧಾನಸಭೆ ಉಪಾಧ್ಯಕ್ಷ ರುದ್ರಪ್ಪ ಲಮಾಣಿ ಅವರು ಸೂಚನೆ ನೀಡಿದರು. ಹಾವೇರಿ ತಾಲೂಕು ಕ್ಷೇತ್ರ ಶಿಕ್ಷಣಾಧಿಕಾರಿಗಳ ಕಚೇರಿಯಲ್ಲಿ ಸೋಮವಾರ ಹಾವೇರಿ ವಿಧಾನಸಭೆ ಕ್ಷೇತ್ರ ಶಿಕ್ಷಣ ಸುಧಾರಣಾ ಸಮಿತಿಯ ಪ್ರಥಮ ಸಭೆ ಅಧ್ಯಕ್ಷತೆ ವಹಿಸಿ ಅವರು ಮಾತನಾಡಿದರು. ಕ್ಷೇತ್ರ ಶಿಕ್ಷಣ ಸುಧಾರಣಾ ಸಮಿತಿಯು ರಾಜ್ಯ ಸರ್ಕಾರವು ಶೈಕ್ಷಣಿಕ ಸುಧಾರಣೆಗಾಗಿ ತೆಗೆದುಕೊಂಡ ದಿಟ್ಟ ಕ್ರಮವಾಗಿದೆ ಎಂದ ಅವರು, ಕ್ಷೇತ್ರ ಶಿಕ್ಷಣ ಸುಧಾರಣಾ ಸಮಿತಿ ರಚನೆ, ಸದಸ್ಯರ ಕರ್ತವ್ಯ, ಶಿಕ್ಷಣ ಸುಧಾರಣೆಯಲ್ಲಿ ಸದಸ್ಯರು ನಿರ್ವಹಿಸಬೇಕಾದ ಕಾರ್ಯ ಚಟುವಟಿಕೆ ಕುರಿತು ಮಾರ್ಗದರ್ಶನ ನೀಡಿದರು. ಸಮಿತಿ ನಾಮನಿರ್ದೇಶಿತ ಸದಸ್ಯ
ಸಂಜೀವಕುಮಾರ ನೀರಲಗಿ ಮಾತನಾಡಿ, ಕ್ಷೇತ್ರದ ಎಲ್ಲಾ ಶಾಲೆಗಳಲ್ಲಿ ಹಳೆ ವಿದ್ಯಾರ್ಥಿಗಳ ಸಂಘ ರಚನೆ ಮಾಡಿ, ಸಂಪನ್ಮೂಲ ಕ್ರೋಢೀಕರಿಸಿಕೊಂಡು ಮೂಲಭೂತ ಸೌಲಭ್ಯಗಳನ್ನು ಅಭಿವೃದ್ಧಿಪಡಿಸಲು ಸರ್ವ ಸಮಿತಿ ಸದಸ್ಯರು ಪ್ರೇರೇಪಿಸಬೇಕೆಂದು ಸಲಹೆ ನೀಡಿದರು. ಕ್ಷೇತ್ರ ಶಿಕ್ಷಣಾಧಿಕಾರಿ ಎಂ.ಎಚ್.ಪಾಟೀಲ ಅವರು ಹಾವೇರಿ ತಾಲೂಕಿನ ಶಾಲೆಗಳ ಸಂಖ್ಯೆ, ಮಕ್ಕಳ ಸಂಖ್ಯೆ, ಶಿಕ್ಷಕರ ಸಂಖ್ಯೆ, ಶೈಕ್ಷಣಿಕ ಚಟುವಟಿಕೆಗಳು, ಕಳೆದ ಸಾಲಿನ ಎಸ್.ಎಸ್.ಎಲ್.ಸಿ. ಫಲಿತಾಂಶ ಹಾಗೂ ಪ್ರಸಕ್ತ ಸಾಲಿನ ಫಲಿತಾಂಶಗಳ ಕುರಿತು ಹಾಗೂ -ಸಮಿತಿ ರೂಪರೇಷೆಗಳ ಕುರಿತು ಮಾಹಿತಿ ನೀಡಿದರು. ಸಭೆಯಲ್ಲಿ ನಗರಾಭಿವೃದ್ಧಿ ಪ್ರಾಧಿಕಾರದ ಅಧ್ಯಕ್ಷ ಎಸ್ ಎಫ್ ಎನ್ ಗಾಜೀಗೌಡ್ರ, ಸಿ.ಬಿ. ಕುರವತ್ತಿಗೌಡ, ನಗರ ಸಭೆ ಆಯುಕ್ತರು ಜಂಬಣ್ಣ ಲಮಾಣಿ, ಶ್ರೀಮತಿ ದೀಪಾ ಮರಡಿ, ದತ್ತಾತ್ರೇಯ ಭಂಗಿ ಇತರರು ಉಪಸ್ಥಿತರಿದ್ದರು.
